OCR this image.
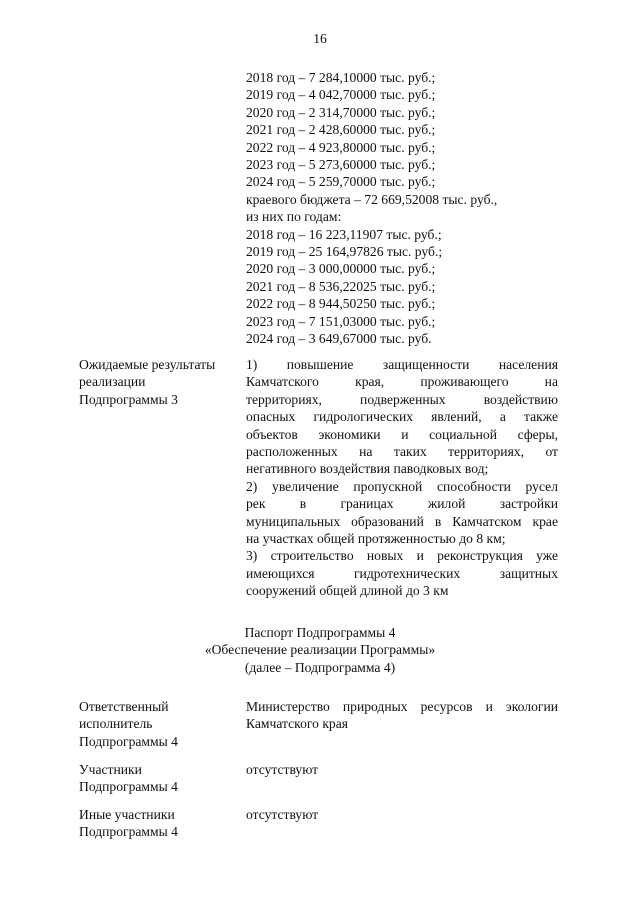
16
2018 год – 7 284,10000 тыс. руб.;
2019 год – 4 042,70000 тыс. руб.;
2020 год – 2 314,70000 тыс. руб.;
2021 год – 2 428,60000 тыс. руб.;
2022 год – 4 923,80000 тыс. руб.;
2023 год – 5 273,60000 тыс. руб.;
2024 год – 5 259,70000 тыс. руб.;
краевого бюджета – 72 669,52008 тыс. руб.,
из них по годам:
2018 год – 16 223,11907 тыс. руб.;
2019 год – 25 164,97826 тыс. руб.;
2020 год – 3 000,00000 тыс. руб.;
2021 год – 8 536,22025 тыс. руб.;
2022 год – 8 944,50250 тыс. руб.;
2023 год – 7 151,03000 тыс. руб.;
2024 год – 3 649,67000 тыс. руб.
Ожидаемые результаты
реализации
Подпрограммы 3
1) повышение защищенности населения
Камчатского края, проживающего на
территориях, подверженных воздействию
опасных гидрологических явлений, а также
объектов экономики и социальной сферы,
расположенных на таких территориях, от
негативного воздействия паводковых вод;
2) увеличение пропускной способности русел
рек в границах жилой застройки
муниципальных образований в Камчатском крае
на участках общей протяженностью до 8 км;
3) строительство новых и реконструкция уже
имеющихся гидротехнических защитных
сооружений общей длиной до 3 км
Паспорт Подпрограммы 4
«Обеспечение реализации Программы»
(далее – Подпрограмма 4)
Ответственный
исполнитель
Подпрограммы 4
Министерство природных ресурсов и экологии
Камчатского края
Участники
Подпрограммы 4
отсутствуют
Иные участники
Подпрограммы 4
отсутствуют
